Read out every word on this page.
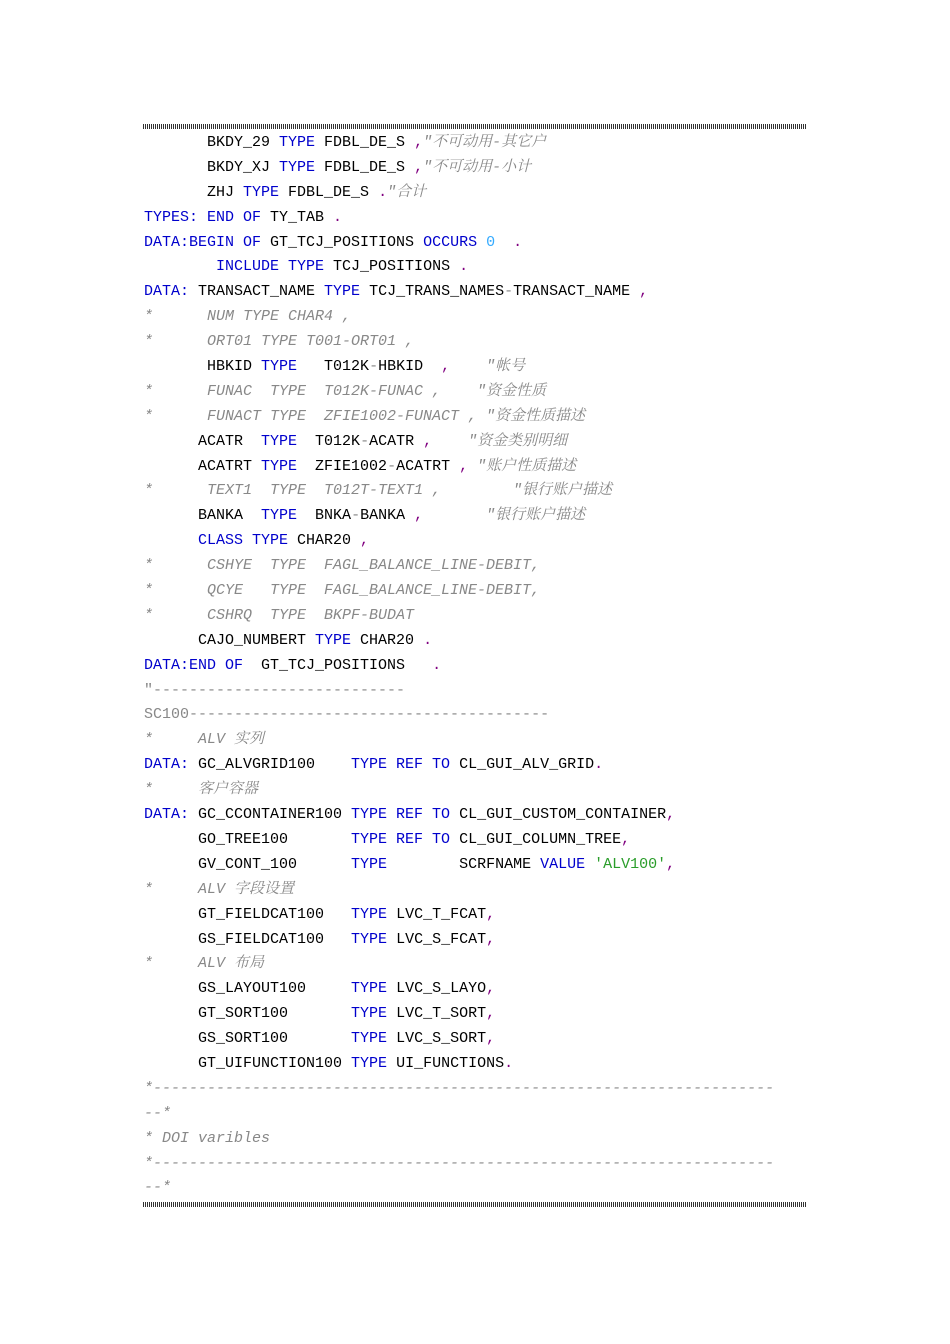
BKDY_29 TYPE FDBL_DE_S ,"不可动用-其它户
BKDY_XJ TYPE FDBL_DE_S ,"不可动用-小计
ZHJ TYPE FDBL_DE_S ."合计
TYPES: END OF TY_TAB .
DATA:BEGIN OF GT_TCJ_POSITIONS OCCURS 0 .
INCLUDE TYPE TCJ_POSITIONS .
DATA: TRANSACT_NAME TYPE TCJ_TRANS_NAMES-TRANSACT_NAME ,
*      NUM TYPE CHAR4 ,
*      ORT01 TYPE T001-ORT01 ,
HBKID TYPE   T012K-HBKID  , "帐号
*      FUNAC  TYPE  T012K-FUNAC ,    "资金性质
*      FUNACT TYPE  ZFIE1002-FUNACT , "资金性质描述
ACATR  TYPE  T012K-ACATR , "资金类别明细
ACATRT TYPE  ZFIE1002-ACATRT , "账户性质描述
*      TEXT1  TYPE  T012T-TEXT1 ,        "银行账户描述
BANKA  TYPE  BNKA-BANKA ,	"银行账户描述
CLASS TYPE CHAR20 ,
*      CSHYE  TYPE  FAGL_BALANCE_LINE-DEBIT,
*      QCYE   TYPE  FAGL_BALANCE_LINE-DEBIT,
*      CSHRQ  TYPE  BKPF-BUDAT
CAJO_NUMBERT TYPE CHAR20 .
DATA:END OF  GT_TCJ_POSITIONS   .
"----------------------------
SC100----------------------------------------
*     ALV 实列
DATA: GC_ALVGRID100    TYPE REF TO CL_GUI_ALV_GRID.
*     客户容器
DATA: GC_CCONTAINER100 TYPE REF TO CL_GUI_CUSTOM_CONTAINER,
GO_TREE100       TYPE REF TO CL_GUI_COLUMN_TREE,
GV_CONT_100      TYPE        SCRFNAME VALUE 'ALV100',
*     ALV 字段设置
GT_FIELDCAT100   TYPE LVC_T_FCAT,
GS_FIELDCAT100   TYPE LVC_S_FCAT,
*     ALV 布局
GS_LAYOUT100     TYPE LVC_S_LAYO,
GT_SORT100       TYPE LVC_T_SORT,
GS_SORT100       TYPE LVC_S_SORT,
GT_UIFUNCTION100 TYPE UI_FUNCTIONS.
*---------------------------------------------------------------------
--*
* DOI varibles
*---------------------------------------------------------------------
--*
